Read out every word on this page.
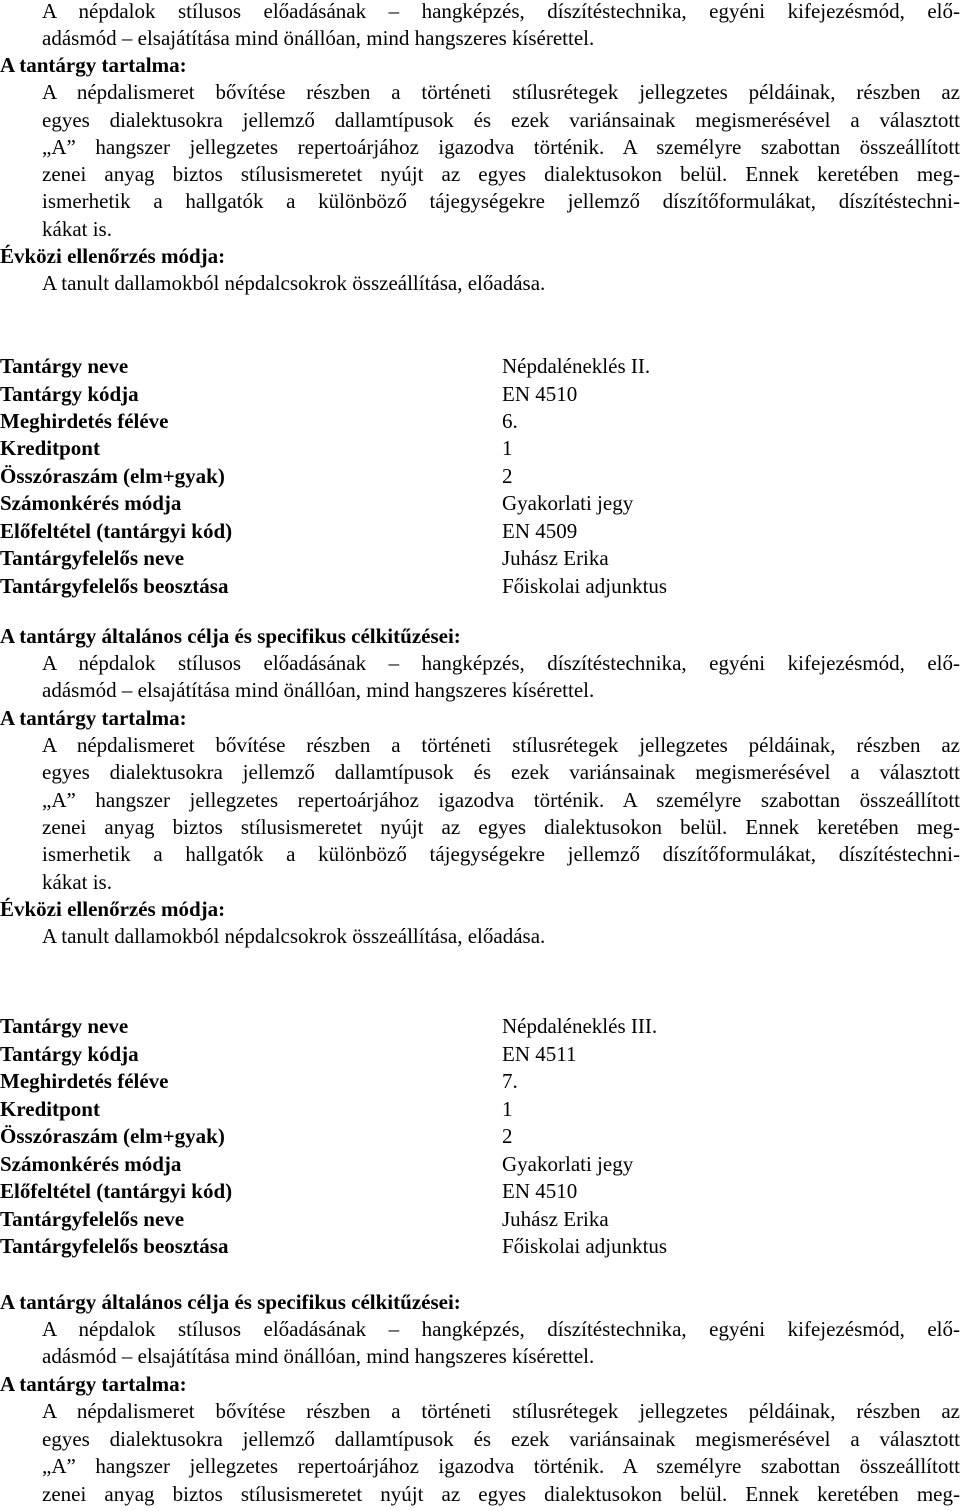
A népdalok stílusos előadásának – hangképzés, díszítéstechnika, egyéni kifejezésmód, elő-
adásmód – elsajátítása mind önállóan, mind hangszeres kísérettel.
A tantárgy tartalma:
A népdalismeret bővítése részben a történeti stílusrétegek jellegzetes példáinak, részben az
egyes dialektusokra jellemző dallamtípusok és ezek variánsainak megismerésével a választott
„A” hangszer jellegzetes repertoárjához igazodva történik. A személyre szabottan összeállított
zenei anyag biztos stílusismeretet nyújt az egyes dialektusokon belül. Ennek keretében meg-
ismerhetik a hallgatók a különböző tájegységekre jellemző díszítőformulákat, díszítéstechni-
kákat is.
Évközi ellenőrzés módja:
A tanult dallamokból népdalcsokrok összeállítása, előadása.
Tantárgy neve	Népdaléneklés II.
Tantárgy kódja	EN 4510
Meghirdetés féléve	6.
Kreditpont	1
Összóraszám (elm+gyak)	2
Számonkérés módja	Gyakorlati jegy
Előfeltétel (tantárgyi kód)	EN 4509
Tantárgyfelelős neve	Juhász Erika
Tantárgyfelelős beosztása	Főiskolai adjunktus
A tantárgy általános célja és specifikus célkitűzései:
A népdalok stílusos előadásának – hangképzés, díszítéstechnika, egyéni kifejezésmód, elő-
adásmód – elsajátítása mind önállóan, mind hangszeres kísérettel.
A tantárgy tartalma:
A népdalismeret bővítése részben a történeti stílusrétegek jellegzetes példáinak, részben az
egyes dialektusokra jellemző dallamtípusok és ezek variánsainak megismerésével a választott
„A” hangszer jellegzetes repertoárjához igazodva történik. A személyre szabottan összeállított
zenei anyag biztos stílusismeretet nyújt az egyes dialektusokon belül. Ennek keretében meg-
ismerhetik a hallgatók a különböző tájegységekre jellemző díszítőformulákat, díszítéstechni-
kákat is.
Évközi ellenőrzés módja:
A tanult dallamokból népdalcsokrok összeállítása, előadása.
Tantárgy neve	Népdaléneklés III.
Tantárgy kódja	EN 4511
Meghirdetés féléve	7.
Kreditpont	1
Összóraszám (elm+gyak)	2
Számonkérés módja	Gyakorlati jegy
Előfeltétel (tantárgyi kód)	EN 4510
Tantárgyfelelős neve	Juhász Erika
Tantárgyfelelős beosztása	Főiskolai adjunktus
A tantárgy általános célja és specifikus célkitűzései:
A népdalok stílusos előadásának – hangképzés, díszítéstechnika, egyéni kifejezésmód, elő-
adásmód – elsajátítása mind önállóan, mind hangszeres kísérettel.
A tantárgy tartalma:
A népdalismeret bővítése részben a történeti stílusrétegek jellegzetes példáinak, részben az
egyes dialektusokra jellemző dallamtípusok és ezek variánsainak megismerésével a választott
„A” hangszer jellegzetes repertoárjához igazodva történik. A személyre szabottan összeállított
zenei anyag biztos stílusismeretet nyújt az egyes dialektusokon belül. Ennek keretében meg-
